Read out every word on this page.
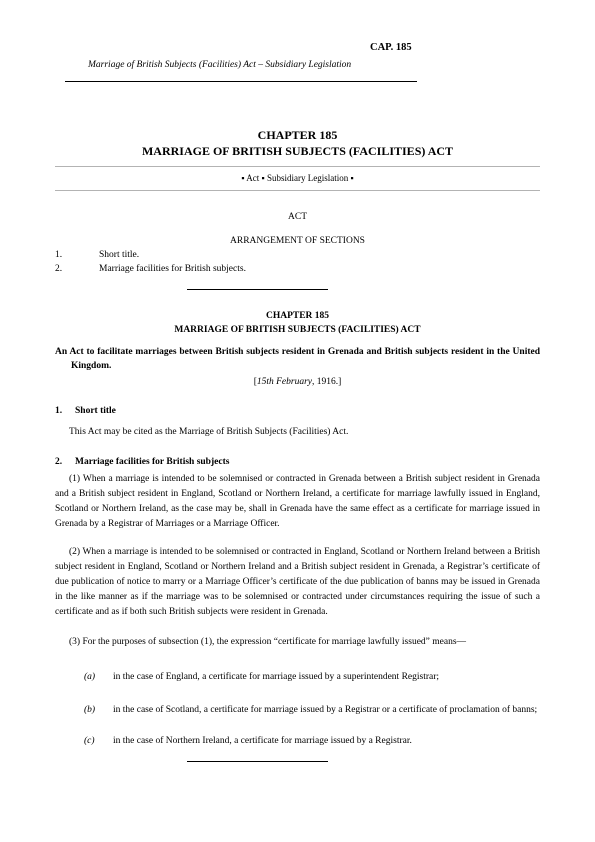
CAP. 185
Marriage of British Subjects (Facilities) Act – Subsidiary Legislation
CHAPTER 185
MARRIAGE OF BRITISH SUBJECTS (FACILITIES) ACT
▪ Act ▪ Subsidiary Legislation ▪
ACT
ARRANGEMENT OF SECTIONS
1.	Short title.
2.	Marriage facilities for British subjects.
CHAPTER 185
MARRIAGE OF BRITISH SUBJECTS (FACILITIES) ACT
An Act to facilitate marriages between British subjects resident in Grenada and British subjects resident in the United Kingdom.
[15th February, 1916.]
1. Short title
This Act may be cited as the Marriage of British Subjects (Facilities) Act.
2. Marriage facilities for British subjects
(1) When a marriage is intended to be solemnised or contracted in Grenada between a British subject resident in Grenada and a British subject resident in England, Scotland or Northern Ireland, a certificate for marriage lawfully issued in England, Scotland or Northern Ireland, as the case may be, shall in Grenada have the same effect as a certificate for marriage issued in Grenada by a Registrar of Marriages or a Marriage Officer.
(2) When a marriage is intended to be solemnised or contracted in England, Scotland or Northern Ireland between a British subject resident in England, Scotland or Northern Ireland and a British subject resident in Grenada, a Registrar’s certificate of due publication of notice to marry or a Marriage Officer’s certificate of the due publication of banns may be issued in Grenada in the like manner as if the marriage was to be solemnised or contracted under circumstances requiring the issue of such a certificate and as if both such British subjects were resident in Grenada.
(3) For the purposes of subsection (1), the expression “certificate for marriage lawfully issued” means—
(a) in the case of England, a certificate for marriage issued by a superintendent Registrar;
(b) in the case of Scotland, a certificate for marriage issued by a Registrar or a certificate of proclamation of banns;
(c) in the case of Northern Ireland, a certificate for marriage issued by a Registrar.
